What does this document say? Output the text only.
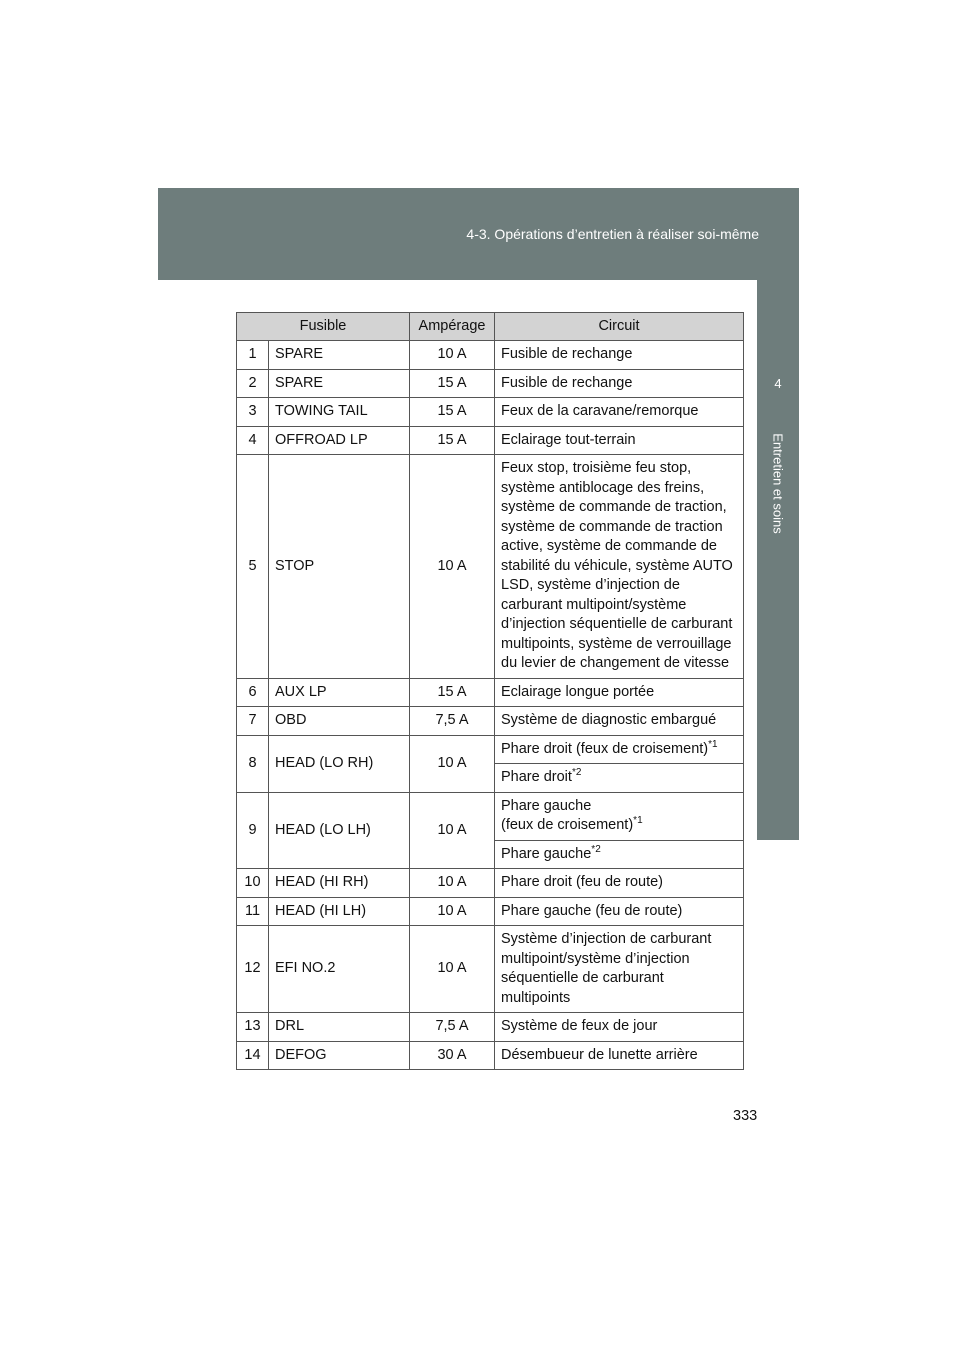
4-3. Opérations d’entretien à réaliser soi-même
4
Entretien et soins
Fusible		Ampérage	Circuit
1	SPARE	10 A	Fusible de rechange
2	SPARE	15 A	Fusible de rechange
3	TOWING TAIL	15 A	Feux de la caravane/remorque
4	OFFROAD LP	15 A	Eclairage tout-terrain
5	STOP	10 A	Feux stop, troisième feu stop, système antiblocage des freins, système de commande de traction, système de commande de traction active, système de commande de stabilité du véhicule, système AUTO LSD, système d’injection de carburant multipoint/système d’injection séquentielle de carburant multipoints, système de verrouillage du levier de changement de vitesse
6	AUX LP	15 A	Eclairage longue portée
7	OBD	7,5 A	Système de diagnostic embargué
8	HEAD (LO RH)	10 A	Phare droit (feux de croisement)$^{*1}$
			Phare droit$^{*2}$
9	HEAD (LO LH)	10 A	Phare gauche
(feux de croisement)$^{*1}$
			Phare gauche$^{*2}$
10	HEAD (HI RH)	10 A	Phare droit (feu de route)
11	HEAD (HI LH)	10 A	Phare gauche (feu de route)
12	EFI NO.2	10 A	Système d’injection de carburant multipoint/système d’injection séquentielle de carburant multipoints
13	DRL	7,5 A	Système de feux de jour
14	DEFOG	30 A	Désembueur de lunette arrière
333
